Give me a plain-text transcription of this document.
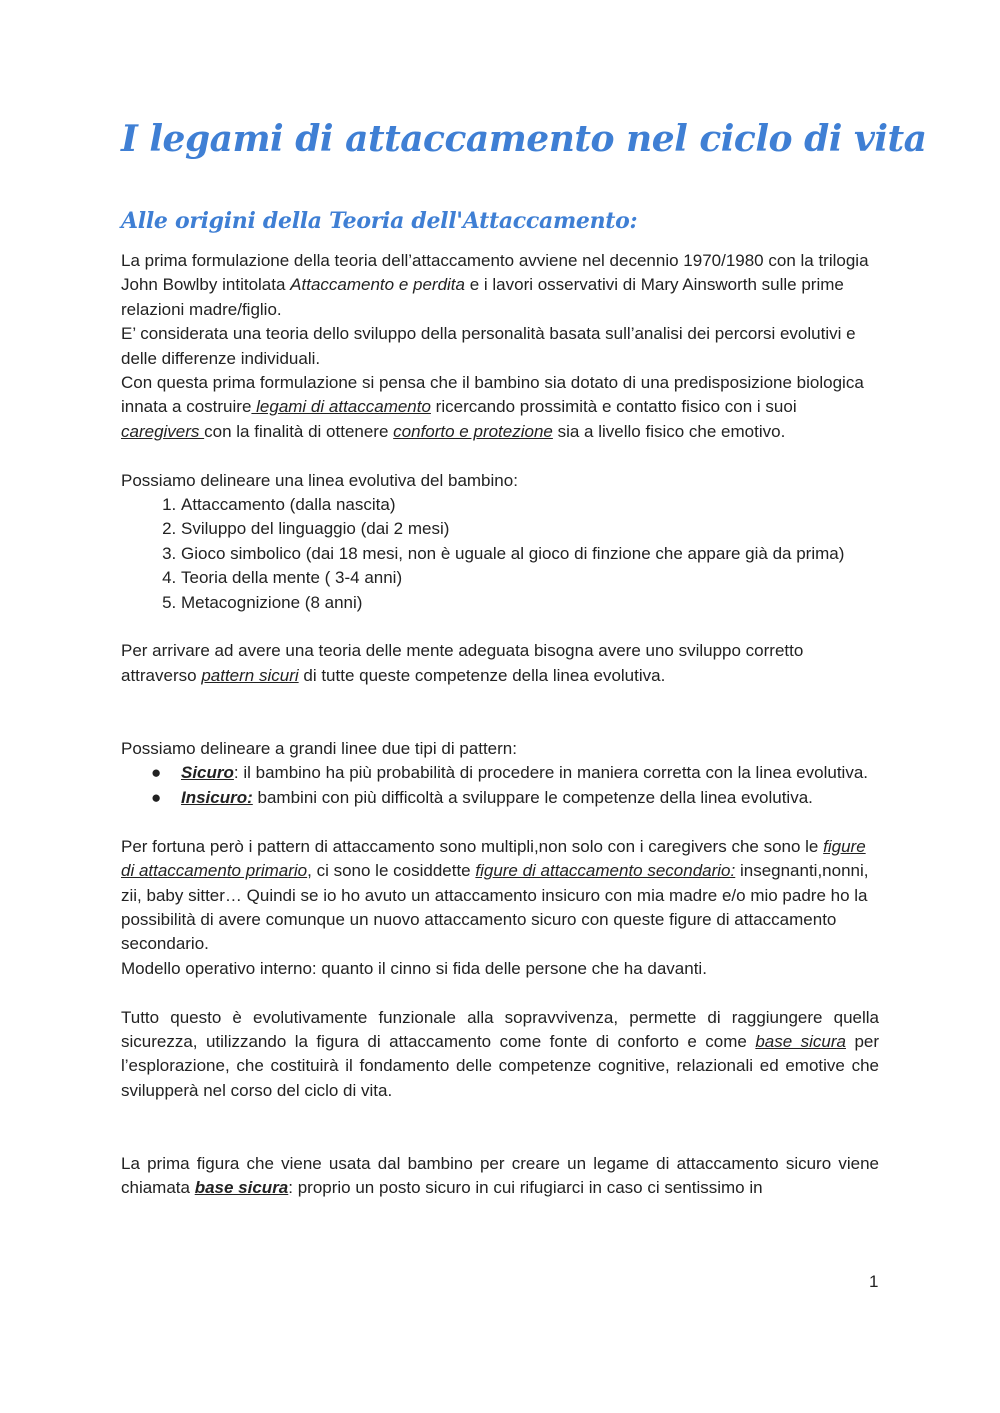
I legami di attaccamento nel ciclo di vita
Alle origini della Teoria dell'Attaccamento:

La prima formulazione della teoria dell’attaccamento avviene nel decennio 1970/1980 con la trilogia John Bowlby intitolata Attaccamento e perdita e i lavori osservativi di Mary Ainsworth sulle prime relazioni madre/figlio.

E’ considerata una teoria dello sviluppo della personalità basata sull’analisi dei percorsi evolutivi e delle differenze individuali.

Con questa prima formulazione si pensa che il bambino sia dotato di una predisposizione biologica innata a costruire legami di attaccamento ricercando prossimità e contatto fisico con i suoi caregivers con la finalità di ottenere conforto e protezione sia a livello fisico che emotivo.

Possiamo delineare una linea evolutiva del bambino:

1. Attaccamento (dalla nascita)
2. Sviluppo del linguaggio (dai 2 mesi)
3. Gioco simbolico (dai 18 mesi, non è uguale al gioco di finzione che appare già da prima)
4. Teoria della mente ( 3-4 anni)
5. Metacognizione (8 anni)

Per arrivare ad avere una teoria delle mente adeguata bisogna avere uno sviluppo corretto attraverso pattern sicuri di tutte queste competenze della linea evolutiva.

Possiamo delineare a grandi linee due tipi di pattern:

● Sicuro: il bambino ha più probabilità di procedere in maniera corretta con la linea evolutiva.
● Insicuro: bambini con più difficoltà a sviluppare le competenze della linea evolutiva.

Per fortuna però i pattern di attaccamento sono multipli,non solo con i caregivers che sono le figure di attaccamento primario, ci sono le cosiddette figure di attaccamento secondario: insegnanti,nonni, zii, baby sitter… Quindi se io ho avuto un attaccamento insicuro con mia madre e/o mio padre ho la possibilità di avere comunque un nuovo attaccamento sicuro con queste figure di attaccamento secondario.

Modello operativo interno: quanto il cinno si fida delle persone che ha davanti.

Tutto questo è evolutivamente funzionale alla sopravvivenza, permette di raggiungere quella sicurezza, utilizzando la figura di attaccamento come fonte di conforto e come base sicura per l’esplorazione, che costituirà il fondamento delle competenze cognitive, relazionali ed emotive che svilupperà nel corso del ciclo di vita.

La prima figura che viene usata dal bambino per creare un legame di attaccamento sicuro viene chiamata base sicura: proprio un posto sicuro in cui rifugiarci in caso ci sentissimo in

1
